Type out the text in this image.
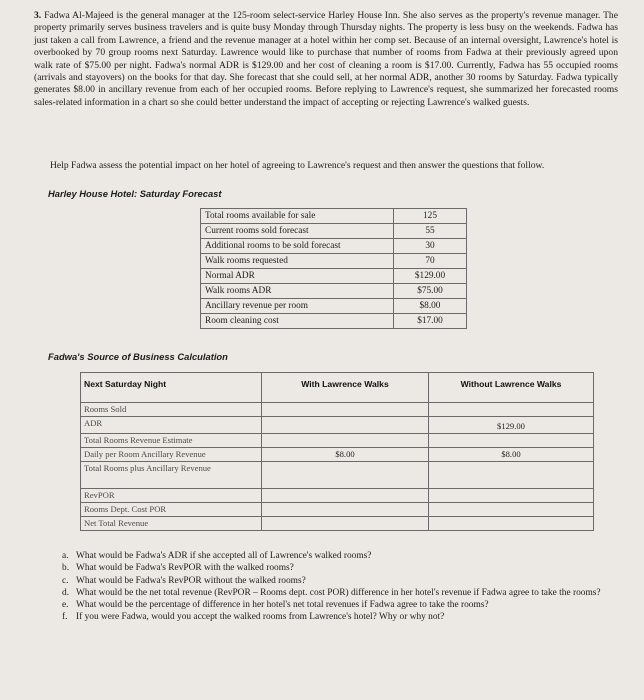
3. Fadwa Al-Majeed is the general manager at the 125-room select-service Harley House Inn. She also serves as the property's revenue manager. The property primarily serves business travelers and is quite busy Monday through Thursday nights. The property is less busy on the weekends. Fadwa has just taken a call from Lawrence, a friend and the revenue manager at a hotel within her comp set. Because of an internal oversight, Lawrence's hotel is overbooked by 70 group rooms next Saturday. Lawrence would like to purchase that number of rooms from Fadwa at their previously agreed upon walk rate of $75.00 per night. Fadwa's normal ADR is $129.00 and her cost of cleaning a room is $17.00. Currently, Fadwa has 55 occupied rooms (arrivals and stayovers) on the books for that day. She forecast that she could sell, at her normal ADR, another 30 rooms by Saturday. Fadwa typically generates $8.00 in ancillary revenue from each of her occupied rooms. Before replying to Lawrence's request, she summarized her forecasted rooms sales-related information in a chart so she could better understand the impact of accepting or rejecting Lawrence's walked guests.
Help Fadwa assess the potential impact on her hotel of agreeing to Lawrence's request and then answer the questions that follow.
Harley House Hotel: Saturday Forecast
Total rooms available for sale	125
Current rooms sold forecast	55
Additional rooms to be sold forecast	30
Walk rooms requested	70
Normal ADR	$129.00
Walk rooms ADR	$75.00
Ancillary revenue per room	$8.00
Room cleaning cost	$17.00
Fadwa's Source of Business Calculation
Next Saturday Night	With Lawrence Walks	Without Lawrence Walks
Rooms Sold		
ADR		$129.00
Total Rooms Revenue Estimate		
Daily per Room Ancillary Revenue	$8.00	$8.00
Total Rooms plus Ancillary Revenue		
RevPOR		
Rooms Dept. Cost POR		
Net Total Revenue		
a. What would be Fadwa's ADR if she accepted all of Lawrence's walked rooms?
b. What would be Fadwa's RevPOR with the walked rooms?
c. What would be Fadwa's RevPOR without the walked rooms?
d. What would be the net total revenue (RevPOR – Rooms dept. cost POR) difference in her hotel's revenue if Fadwa agree to take the rooms?
e. What would be the percentage of difference in her hotel's net total revenues if Fadwa agree to take the rooms?
f. If you were Fadwa, would you accept the walked rooms from Lawrence's hotel? Why or why not?
